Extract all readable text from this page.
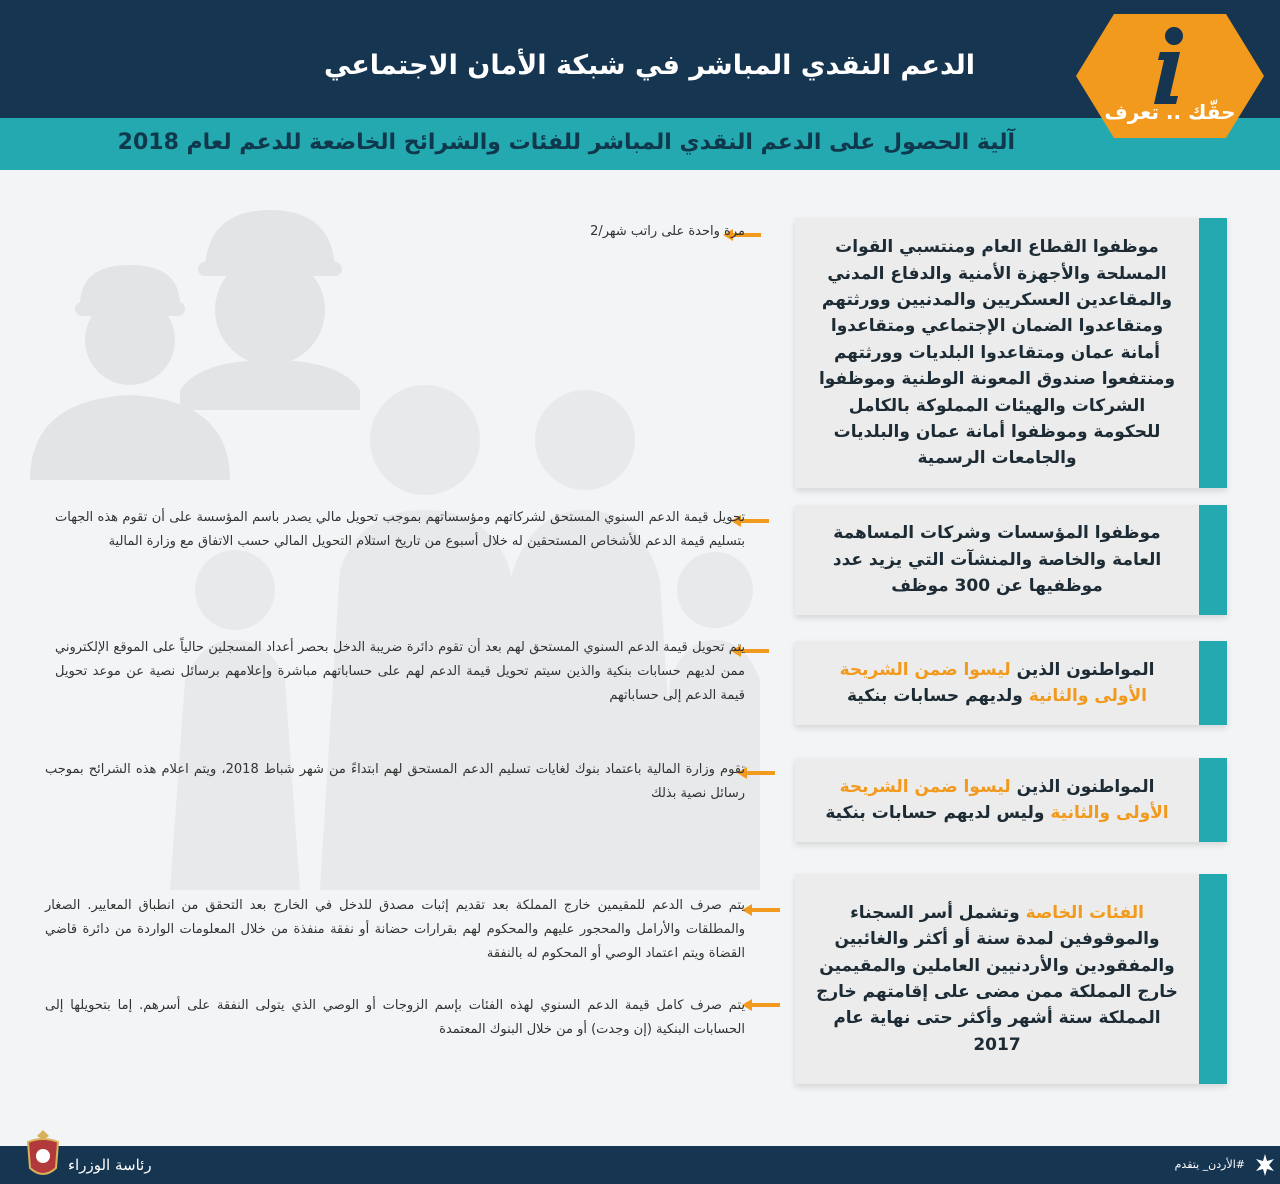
الدعم النقدي المباشر في شبكة الأمان الاجتماعي
آلية الحصول على الدعم النقدي المباشر للفئات والشرائح الخاضعة للدعم لعام 2018
حقّك .. تعرف
موظفوا القطاع العام ومنتسبي القوات المسلحة والأجهزة الأمنية والدفاع المدني والمقاعدين العسكريين والمدنيين وورثتهم ومتقاعدوا الضمان الإجتماعي ومتقاعدوا أمانة عمان ومتقاعدوا البلديات وورثتهم ومنتفعوا صندوق المعونة الوطنية وموظفوا الشركات والهيئات المملوكة بالكامل للحكومة وموظفوا أمانة عمان والبلديات والجامعات الرسمية
مرة واحدة على راتب شهر/2
موظفوا المؤسسات وشركات المساهمة العامة والخاصة والمنشآت التي يزيد عدد موظفيها عن 300 موظف
تحويل قيمة الدعم السنوي المستحق لشركاتهم ومؤسساتهم بموجب تحويل مالي يصدر باسم المؤسسة على أن تقوم هذه الجهات بتسليم قيمة الدعم للأشخاص المستحقين له خلال أسبوع من تاريخ استلام التحويل المالي حسب الاتفاق مع وزارة المالية
المواطنون الذين ليسوا ضمن الشريحة الأولى والثانية ولديهم حسابات بنكية
يتم تحويل قيمة الدعم السنوي المستحق لهم بعد أن تقوم دائرة ضريبة الدخل بحصر أعداد المسجلين حالياً على الموقع الإلكتروني ممن لديهم حسابات بنكية والذين سيتم تحويل قيمة الدعم لهم على حساباتهم مباشرة وإعلامهم برسائل نصية عن موعد تحويل قيمة الدعم إلى حساباتهم
المواطنون الذين ليسوا ضمن الشريحة الأولى والثانية وليس لديهم حسابات بنكية
تقوم وزارة المالية باعتماد بنوك لغايات تسليم الدعم المستحق لهم ابتداءً من شهر شباط 2018، ويتم اعلام هذه الشرائح بموجب رسائل نصية بذلك
الفئات الخاصة وتشمل أسر السجناء والموقوفين لمدة سنة أو أكثر والغائبين والمفقودين والأردنيين العاملين والمقيمين خارج المملكة ممن مضى على إقامتهم خارج المملكة ستة أشهر وأكثر حتى نهاية عام 2017
يتم صرف الدعم للمقيمين خارج المملكة بعد تقديم إثبات مصدق للدخل في الخارج بعد التحقق من انطباق المعايير. الصغار والمطلقات والأرامل والمحجور عليهم والمحكوم لهم بقرارات حضانة أو نفقة منفذة من خلال المعلومات الواردة من دائرة قاضي القضاة ويتم اعتماد الوصي أو المحكوم له بالنفقة
يتم صرف كامل قيمة الدعم السنوي لهذه الفئات بإسم الزوجات أو الوصي الذي يتولى النفقة على أسرهم. إما بتحويلها إلى الحسابات البنكية (إن وجدت) أو من خلال البنوك المعتمدة
رئاسة الوزراء	#الأردن_ يتقدم
